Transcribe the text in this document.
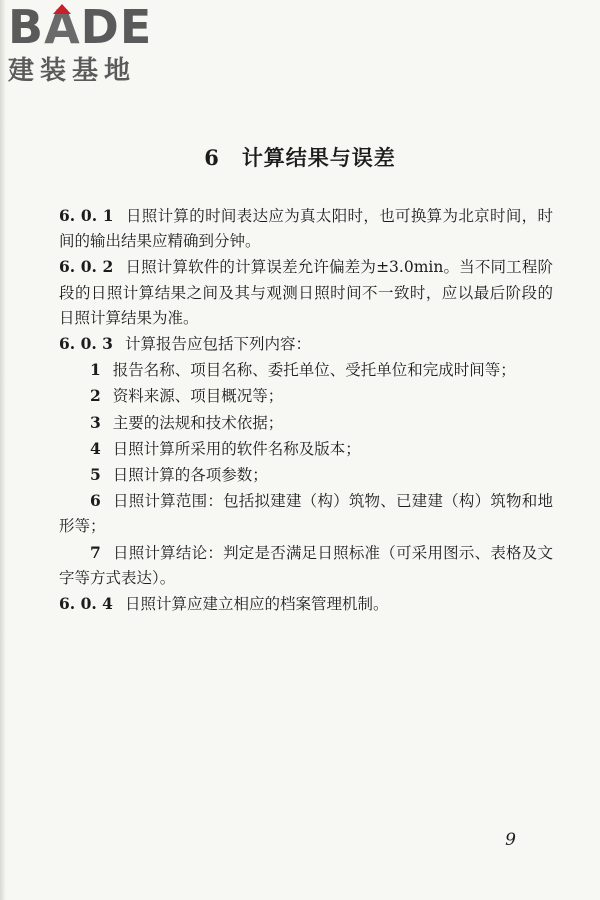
B A D E
建装基地
6 计算结果与误差

6. 0. 1 日照计算的时间表达应为真太阳时，也可换算为北京时间，时间的输出结果应精确到分钟。

6. 0. 2 日照计算软件的计算误差允许偏差为±3.0min。当不同工程阶段的日照计算结果之间及其与观测日照时间不一致时，应以最后阶段的日照计算结果为准。

6. 0. 3 计算报告应包括下列内容：

1 报告名称、项目名称、委托单位、受托单位和完成时间等；

2 资料来源、项目概况等；

3 主要的法规和技术依据；

4 日照计算所采用的软件名称及版本；

5 日照计算的各项参数；

6 日照计算范围：包括拟建建（构）筑物、已建建（构）筑物和地形等；

7 日照计算结论：判定是否满足日照标准（可采用图示、表格及文字等方式表达）。

6. 0. 4 日照计算应建立相应的档案管理机制。

9
